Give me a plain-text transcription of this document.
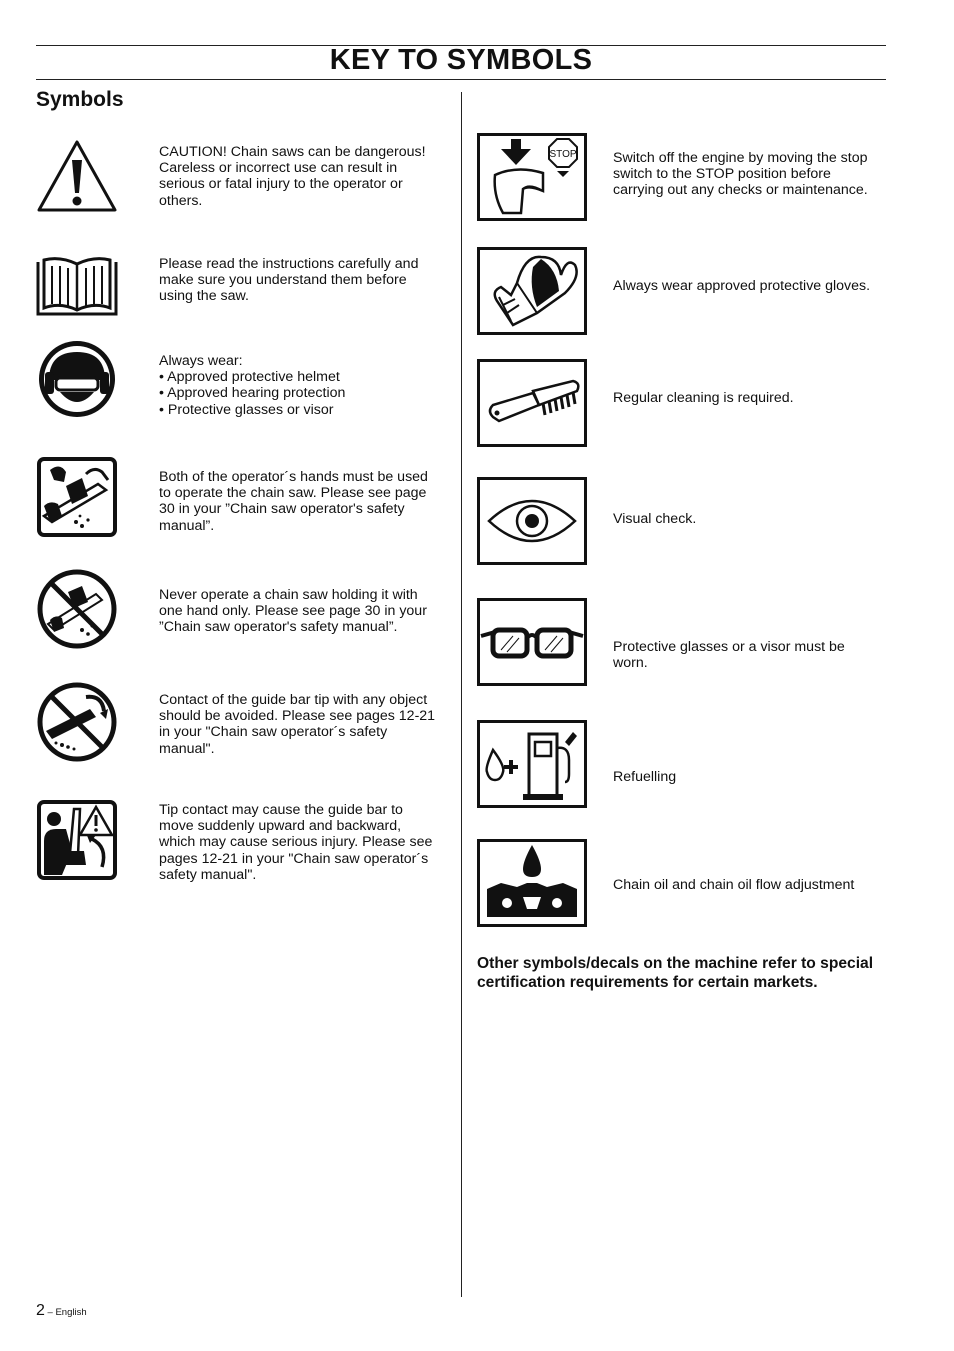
KEY TO SYMBOLS
Symbols
CAUTION! Chain saws can be dangerous!
Careless or incorrect use can result in
serious or fatal injury to the operator or
others.
Please read the instructions carefully and
make sure you understand them before
using the saw.
Always wear:
• Approved protective helmet
• Approved hearing protection
• Protective glasses or visor
Both of the operator´s hands must be used
to operate the chain saw. Please see page
30 in your ”Chain saw operator's safety
manual”.
Never operate a chain saw holding it with
one hand only. Please see page 30 in your
”Chain saw operator's safety manual”.
Contact of the guide bar tip with any object
should be avoided. Please see pages 12-21
in your "Chain saw operator´s safety
manual".
Tip contact may cause the guide bar to
move suddenly upward and backward,
which may cause serious injury. Please see
pages 12-21 in your "Chain saw operator´s
safety manual".
STOP	Switch off the engine by moving the stop
switch to the STOP position before
carrying out any checks or maintenance.
Always wear approved protective gloves.
Regular cleaning is required.
Visual check.
Protective glasses or a visor must be
worn.
Refuelling
Chain oil and chain oil flow adjustment
Other symbols/decals on the machine refer to special
certification requirements for certain markets.
2 – English
